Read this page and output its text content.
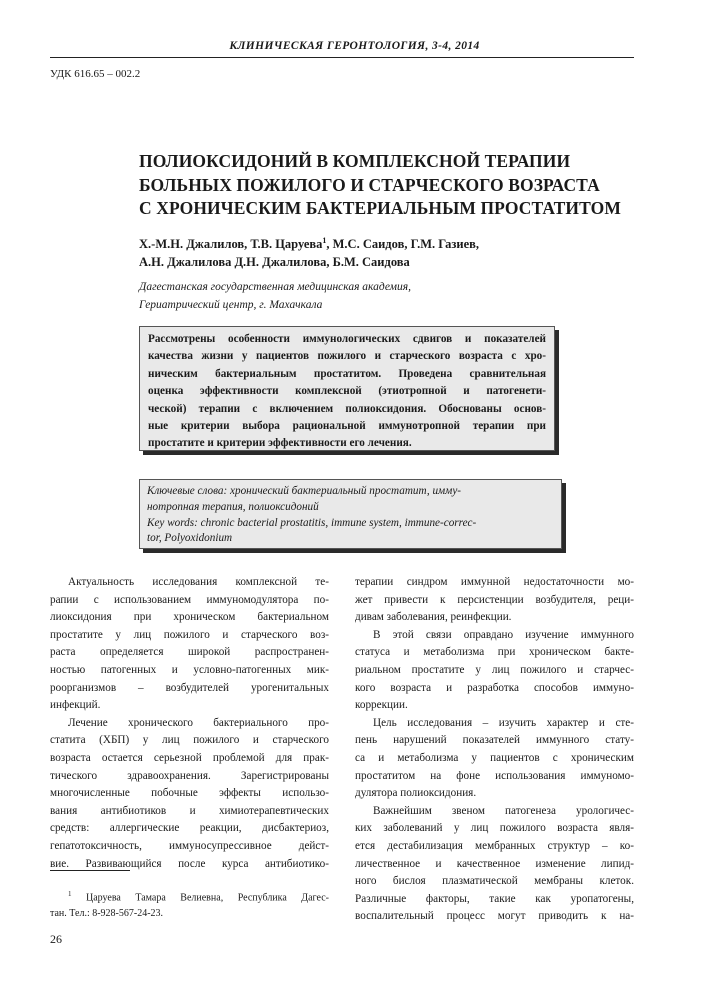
КЛИНИЧЕСКАЯ ГЕРОНТОЛОГИЯ, 3-4, 2014
УДК 616.65 – 002.2
ПОЛИОКСИДОНИЙ В КОМПЛЕКСНОЙ ТЕРАПИИ
БОЛЬНЫХ ПОЖИЛОГО И СТАРЧЕСКОГО ВОЗРАСТА
С ХРОНИЧЕСКИМ БАКТЕРИАЛЬНЫМ ПРОСТАТИТОМ
Х.-М.Н. Джалилов, Т.В. Царуева$^1$, М.С. Саидов, Г.М. Газиев,
А.Н. Джалилова Д.Н. Джалилова, Б.М. Саидова
Дагестанская государственная медицинская академия,
Гериатрический центр, г. Махачкала
Рассмотрены особенности иммунологических сдвигов и показателей
качества жизни у пациентов пожилого и старческого возраста с хро-
ническим бактериальным простатитом. Проведена сравнительная
оценка эффективности комплексной (этиотропной и патогенети-
ческой) терапии с включением полиоксидония. Обоснованы основ-
ные критерии выбора рациональной иммунотропной терапии при
простатите и критерии эффективности его лечения.
Ключевые слова: хронический бактериальный простатит, имму-
нотропная терапия, полиоксидоний
Key words: chronic bacterial prostatitis, immune system, immune-correc-
tor, Polyoxidonium
Актуальность исследования комплексной те-
рапии с использованием иммуномодулятора по-
лиоксидония при хроническом бактериальном
простатите у лиц пожилого и старческого воз-
раста определяется широкой распространен-
ностью патогенных и условно-патогенных мик-
роорганизмов – возбудителей урогенитальных
инфекций.
Лечение хронического бактериального про-
статита (ХБП) у лиц пожилого и старческого
возраста остается серьезной проблемой для прак-
тического здравоохранения. Зарегистрированы
многочисленные побочные эффекты использо-
вания антибиотиков и химиотерапевтических
средств: аллергические реакции, дисбактериоз,
гепатотоксичность, иммуносупрессивное дейст-
вие. Развивающийся после курса антибиотико-
терапии синдром иммунной недостаточности мо-
жет привести к персистенции возбудителя, реци-
дивам заболевания, реинфекции.
В этой связи оправдано изучение иммунного
статуса и метаболизма при хроническом бакте-
риальном простатите у лиц пожилого и старчес-
кого возраста и разработка способов иммуно-
коррекции.
Цель исследования – изучить характер и сте-
пень нарушений показателей иммунного стату-
са и метаболизма у пациентов с хроническим
простатитом на фоне использования иммуномо-
дулятора полиоксидония.
Важнейшим звеном патогенеза урологичес-
ких заболеваний у лиц пожилого возраста явля-
ется дестабилизация мембранных структур – ко-
личественное и качественное изменение липид-
ного бислоя плазматической мембраны клеток.
Различные факторы, такие как уропатогены,
воспалительный процесс могут приводить к на-
$^1$ Царуева Тамара Велиевна, Республика Дагес-
тан. Тел.: 8-928-567-24-23.
26
